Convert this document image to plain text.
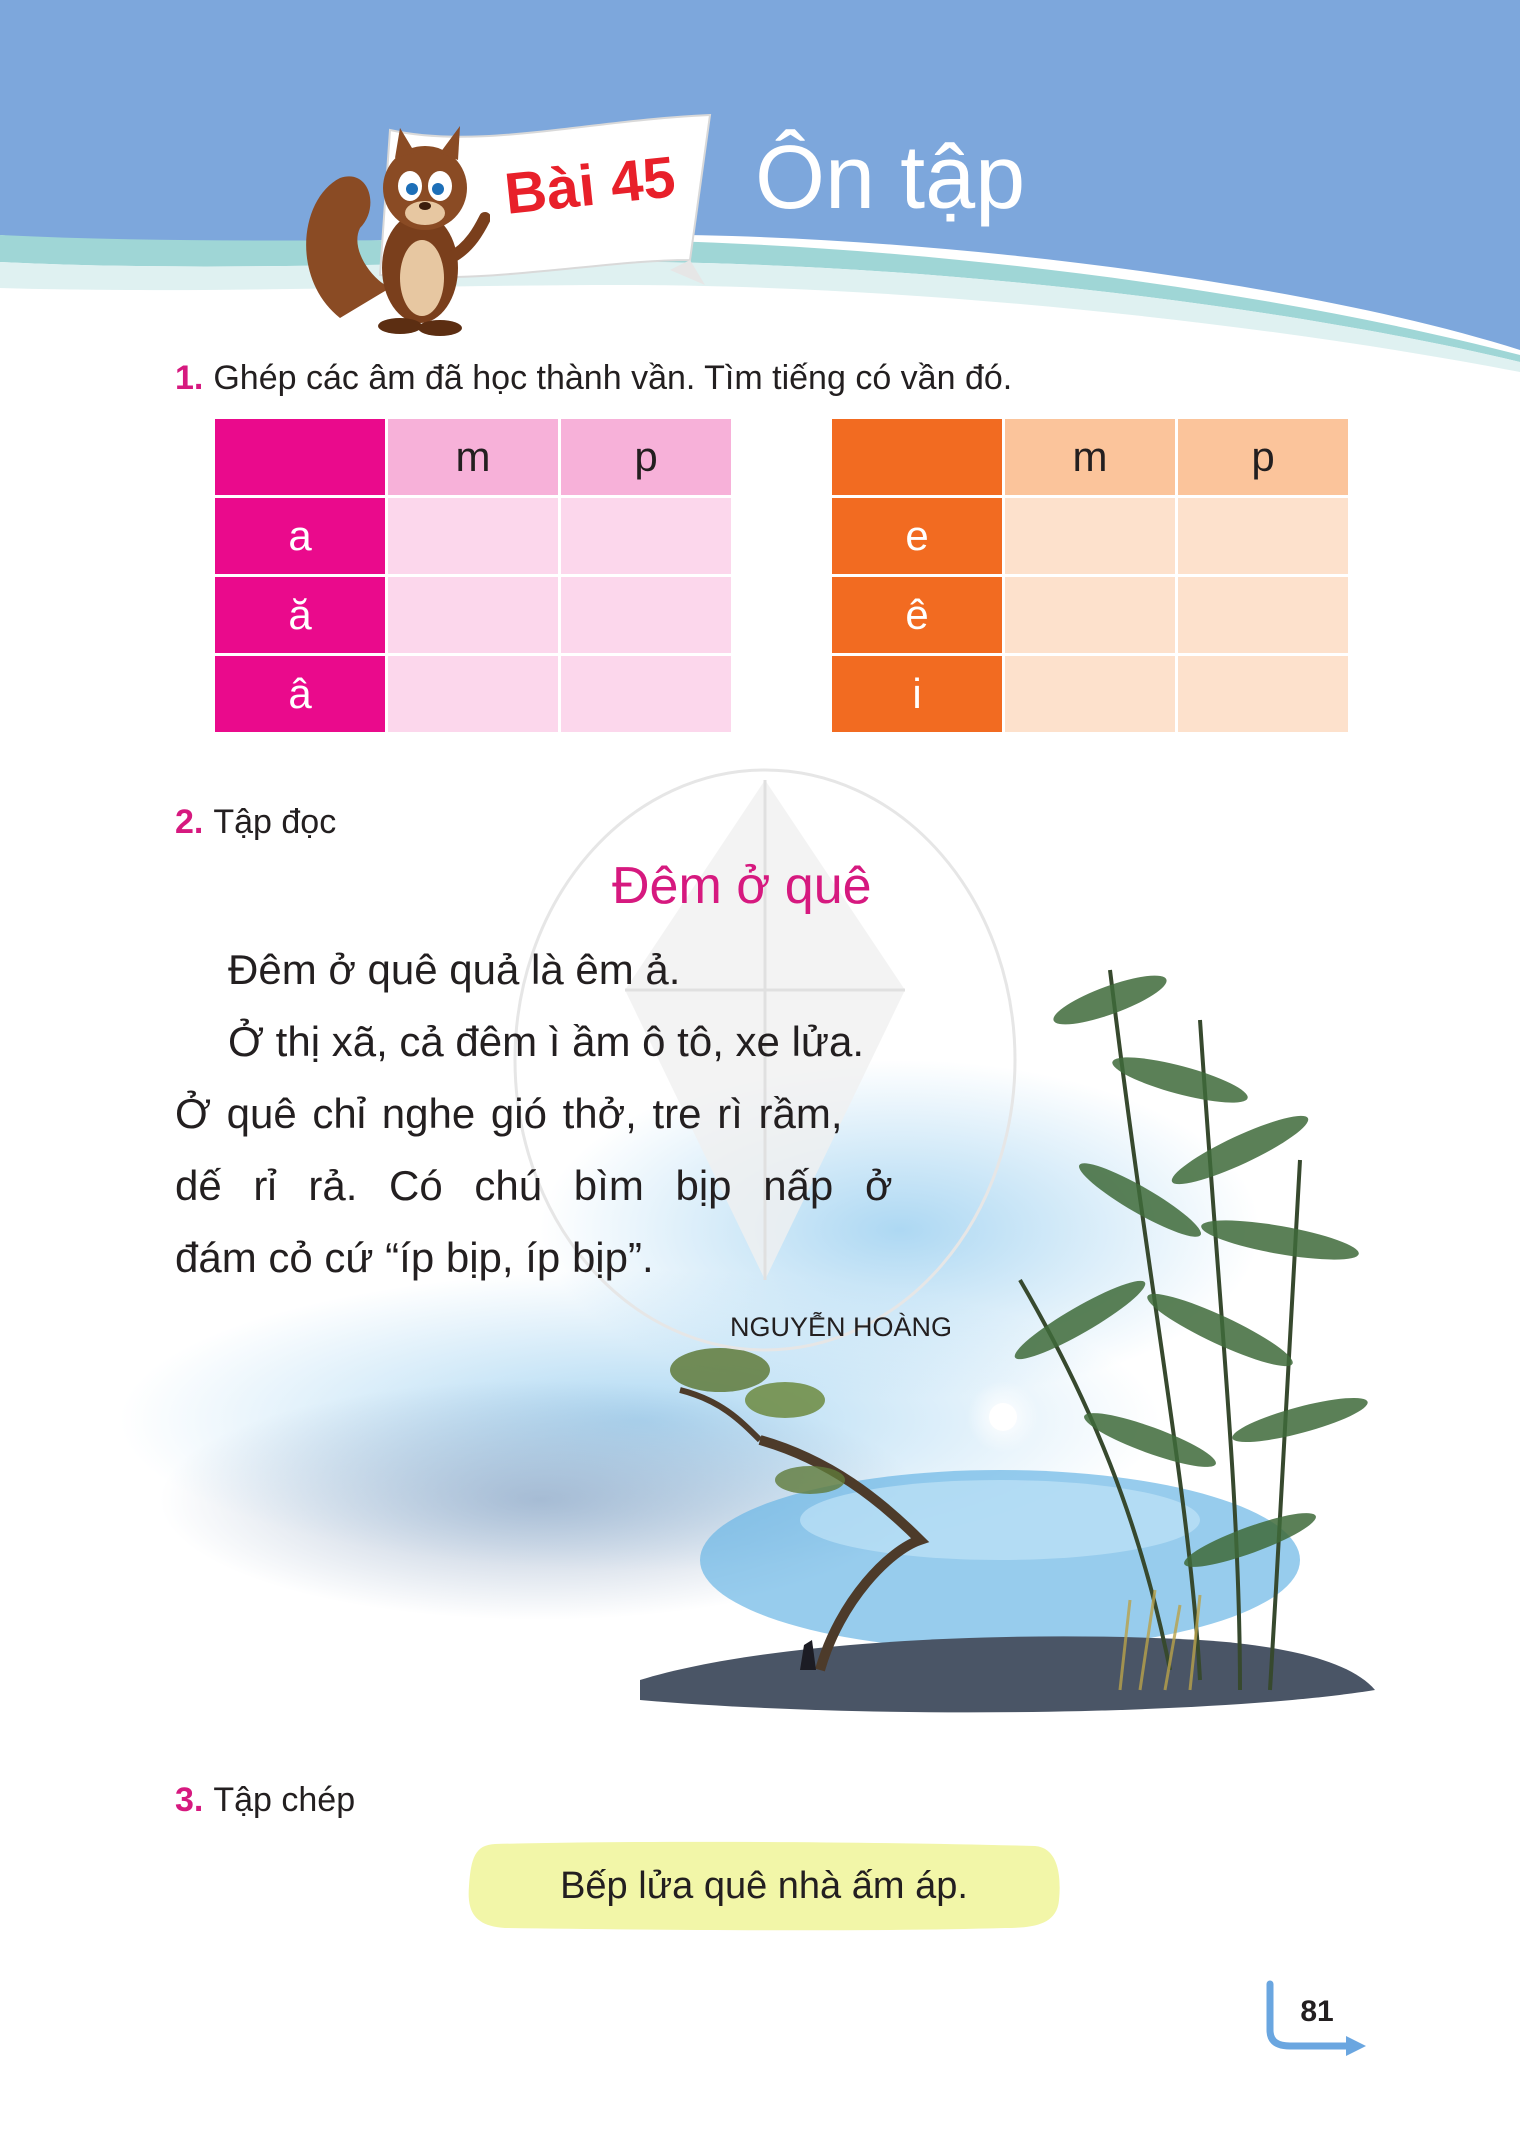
Bài 45 Ôn tập
1. Ghép các âm đã học thành vần. Tìm tiếng có vần đó.
	m	p
a		
ă		
â		
	m	p
e		
ê		
i		
2. Tập đọc
Đêm ở quê
Đêm ở quê quả là êm ả.
Ở thị xã, cả đêm ì ầm ô tô, xe lửa.
Ở quê chỉ nghe gió thở, tre rì rầm,
dế rỉ rả. Có chú bìm bịp nấp ở
đám cỏ cứ “íp bịp, íp bịp”.
NGUYỄN HOÀNG
3. Tập chép
Bếp lửa quê nhà ấm áp.
81
